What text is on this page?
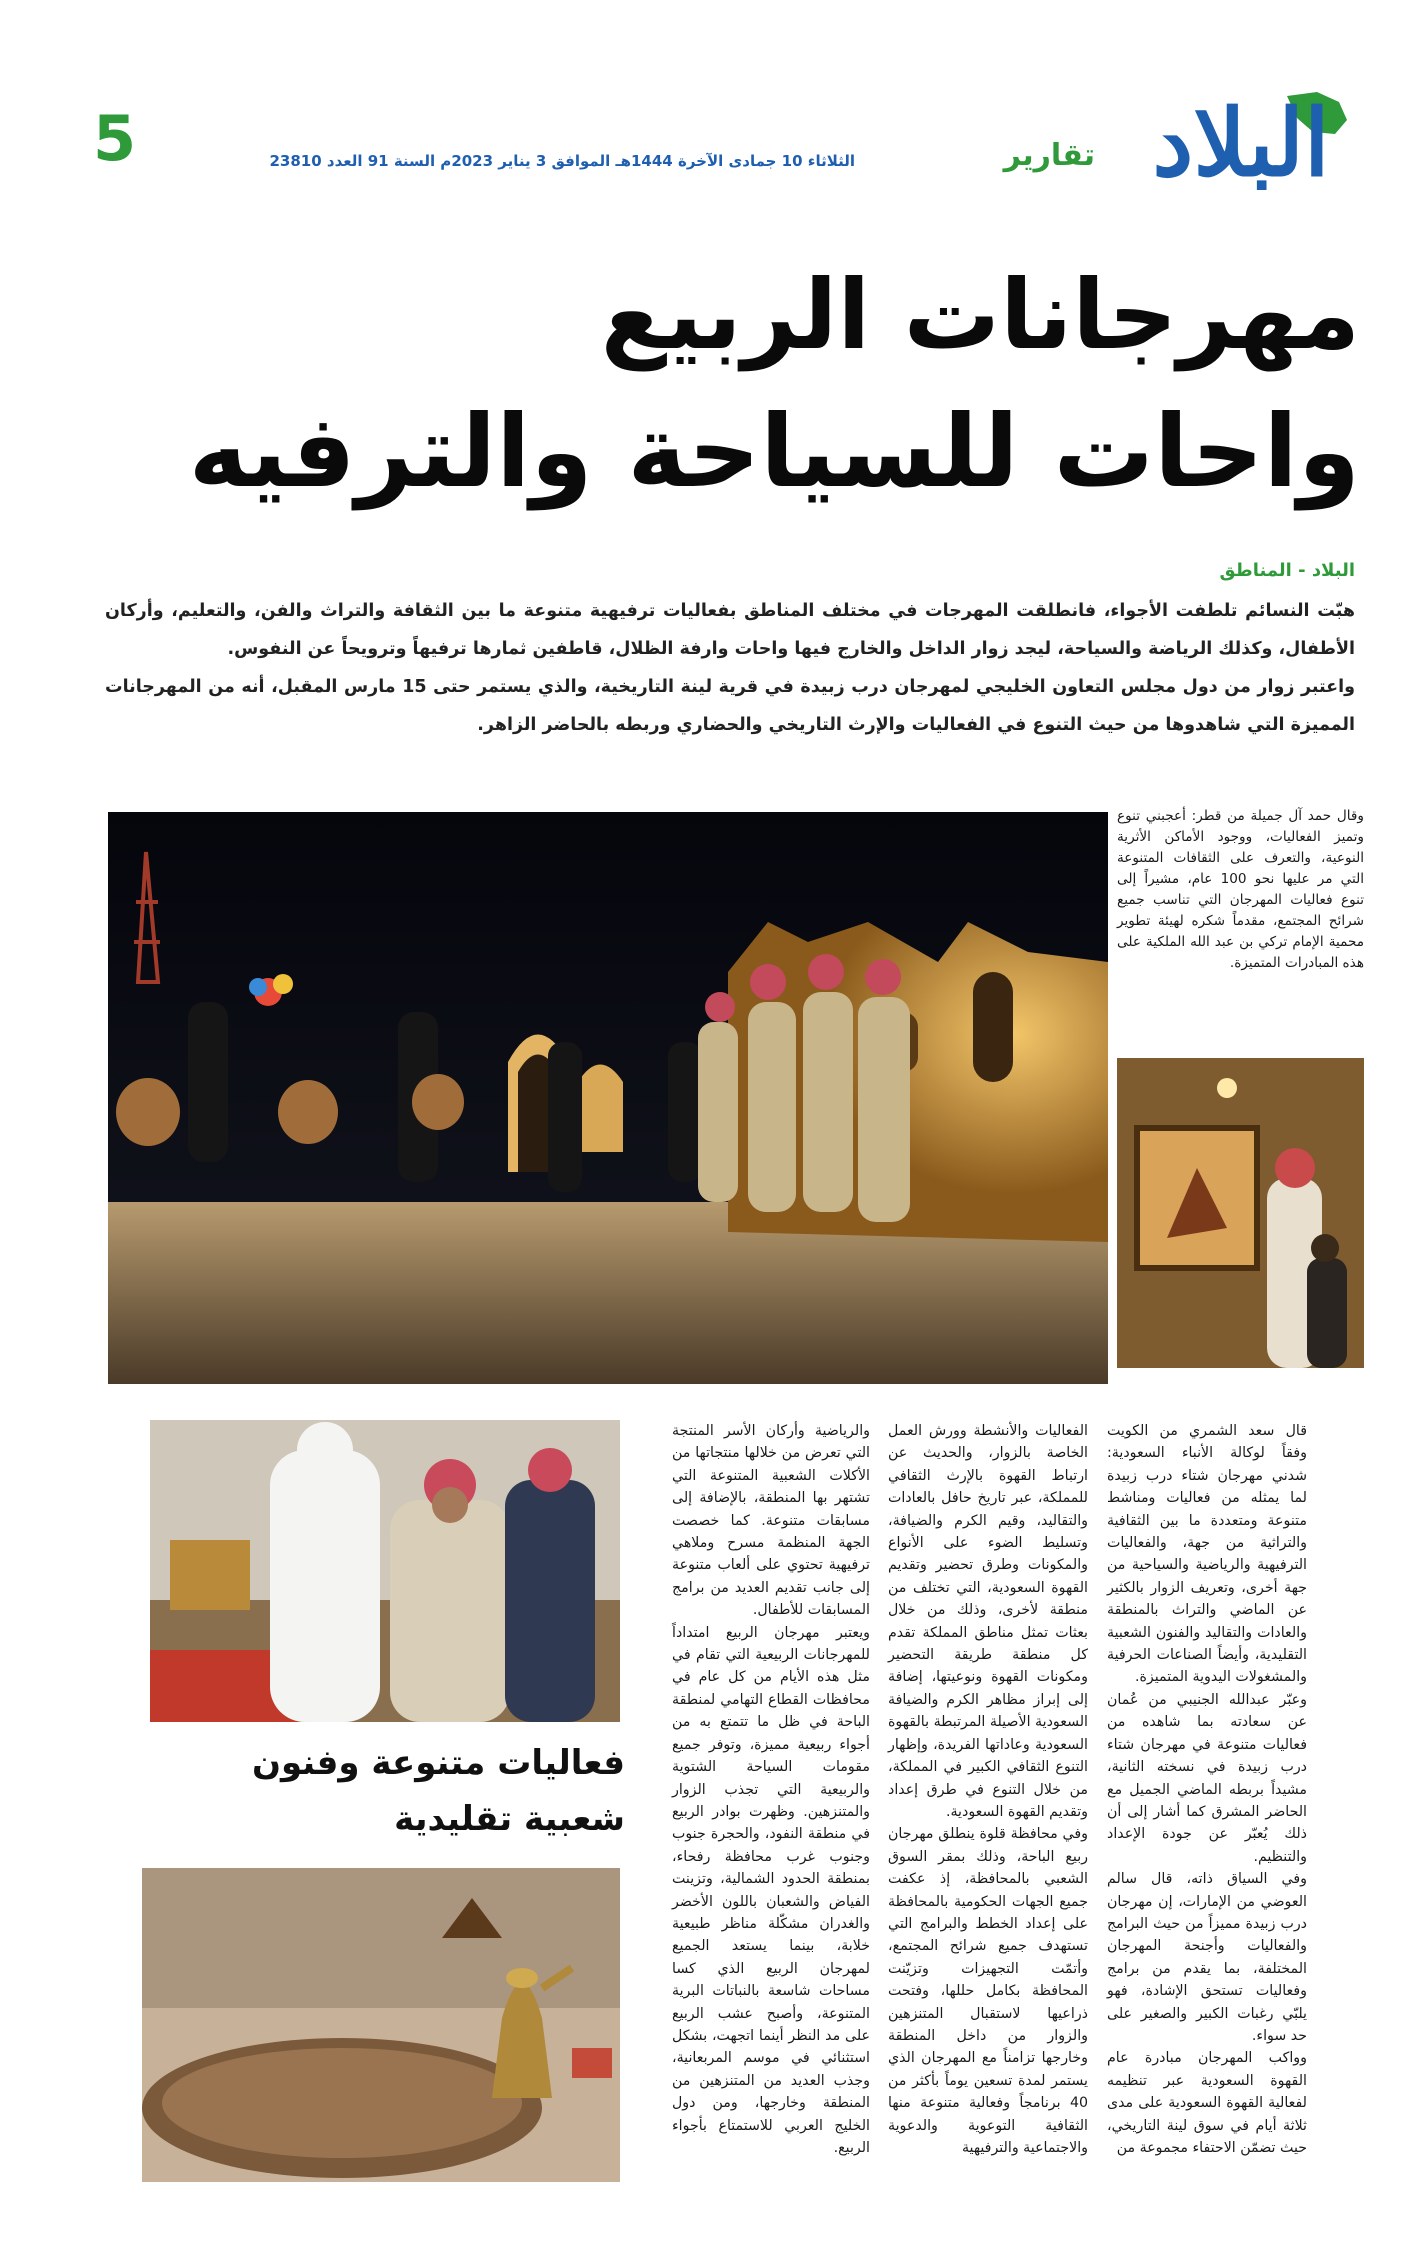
5	الثلاثاء 10 جمادى الآخرة 1444هـ الموافق 3 يناير 2023م السنة 91 العدد 23810	تقارير البلاد
مهرجانات الربيع
واحات للسياحة والترفيه
البلاد - المناطق

هبّت النسائم تلطفت الأجواء، فانطلقت المهرجات في مختلف المناطق بفعاليات ترفيهية متنوعة ما بين الثقافة والتراث والفن، والتعليم، وأركان الأطفال، وكذلك الرياضة والسياحة، ليجد زوار الداخل والخارج فيها واحات وارفة الظلال، قاطفين ثمارها ترفيهاً وترويحاً عن النفوس.

واعتبر زوار من دول مجلس التعاون الخليجي لمهرجان درب زبيدة في قرية لينة التاريخية، والذي يستمر حتى 15 مارس المقبل، أنه من المهرجانات المميزة التي شاهدوها من حيث التنوع في الفعاليات والإرث التاريخي والحضاري وربطه بالحاضر الزاهر.

وقال حمد آل جميلة من قطر: أعجبني تنوع وتميز الفعاليات، ووجود الأماكن الأثرية النوعية، والتعرف على الثقافات المتنوعة التي مر عليها نحو 100 عام، مشيراً إلى تنوع فعاليات المهرجان التي تناسب جميع شرائح المجتمع، مقدماً شكره لهيئة تطوير محمية الإمام تركي بن عبد الله الملكية على هذه المبادرات المتميزة.

قال سعد الشمري من الكويت وفقاً لوكالة الأنباء السعودية: شدني مهرجان شتاء درب زبيدة لما يمثله من فعاليات ومناشط متنوعة ومتعددة ما بين الثقافية والتراثية من جهة، والفعاليات الترفيهية والرياضية والسياحية من جهة أخرى، وتعريف الزوار بالكثير عن الماضي والتراث بالمنطقة والعادات والتقاليد والفنون الشعبية التقليدية، وأيضاً الصناعات الحرفية والمشغولات اليدوية المتميزة.

وعبّر عبدالله الجنيبي من عُمان عن سعادته بما شاهده من فعاليات متنوعة في مهرجان شتاء درب زبيدة في نسخته الثانية، مشيداً بربطه الماضي الجميل مع الحاضر المشرق كما أشار إلى أن ذلك يُعبّر عن جودة الإعداد والتنظيم.

وفي السياق ذاته، قال سالم العوضي من الإمارات، إن مهرجان درب زبيدة مميزاً من حيث البرامج والفعاليات وأجنحة المهرجان المختلفة، بما يقدم من برامج وفعاليات تستحق الإشادة، فهو يلبّي رغبات الكبير والصغير على حد سواء.

وواكب المهرجان مبادرة عام القهوة السعودية عبر تنظيمه لفعالية القهوة السعودية على مدى ثلاثة أيام في سوق لينة التاريخي، حيث تضمّن الاحتفاء مجموعة من

الفعاليات والأنشطة وورش العمل الخاصة بالزوار، والحديث عن ارتباط القهوة بالإرث الثقافي للمملكة، عبر تاريخ حافل بالعادات والتقاليد، وقيم الكرم والضيافة، وتسليط الضوء على الأنواع والمكونات وطرق تحضير وتقديم القهوة السعودية، التي تختلف من منطقة لأخرى، وذلك من خلال بعثات تمثل مناطق المملكة تقدم كل منطقة طريقة التحضير ومكونات القهوة ونوعيتها، إضافة إلى إبراز مظاهر الكرم والضيافة السعودية الأصيلة المرتبطة بالقهوة السعودية وعاداتها الفريدة، وإظهار التنوع الثقافي الكبير في المملكة، من خلال التنوع في طرق إعداد وتقديم القهوة السعودية.

وفي محافظة قلوة ينطلق مهرجان ربيع الباحة، وذلك بمقر السوق الشعبي بالمحافظة، إذ عكفت جميع الجهات الحكومية بالمحافظة على إعداد الخطط والبرامج التي تستهدف جميع شرائح المجتمع، وأتمّت التجهيزات وتزيّنت المحافظة بكامل حللها، وفتحت ذراعيها لاستقبال المتنزهين والزوار من داخل المنطقة وخارجها تزامناً مع المهرجان الذي يستمر لمدة تسعين يوماً بأكثر من 40 برنامجاً وفعالية متنوعة منها الثقافية التوعوية والدعوية والاجتماعية والترفيهية

والرياضية وأركان الأسر المنتجة التي تعرض من خلالها منتجاتها من الأكلات الشعبية المتنوعة التي تشتهر بها المنطقة، بالإضافة إلى مسابقات متنوعة. كما خصصت الجهة المنظمة مسرح وملاهي ترفيهية تحتوي على ألعاب متنوعة إلى جانب تقديم العديد من برامج المسابقات للأطفال.

ويعتبر مهرجان الربيع امتداداً للمهرجانات الربيعية التي تقام في مثل هذه الأيام من كل عام في محافظات القطاع التهامي لمنطقة الباحة في ظل ما تتمتع به من أجواء ربيعية مميزة، وتوفر جميع مقومات السياحة الشتوية والربيعية التي تجذب الزوار والمتنزهين. وظهرت بوادر الربيع في منطقة النفود، والحجرة جنوب وجنوب غرب محافظة رفحاء، بمنطقة الحدود الشمالية، وتزينت الفياض والشعبان باللون الأخضر والغدران مشكّلة مناظر طبيعية خلابة، بينما يستعد الجميع لمهرجان الربيع الذي كسا مساحات شاسعة بالنباتات البرية المتنوعة، وأصبح عشب الربيع على مد النظر أينما اتجهت، بشكل استثنائي في موسم المربعانية، وجذب العديد من المتنزهين من المنطقة وخارجها، ومن دول الخليج العربي للاستمتاع بأجواء الربيع.

فعاليات متنوعة وفنون
شعبية تقليدية
